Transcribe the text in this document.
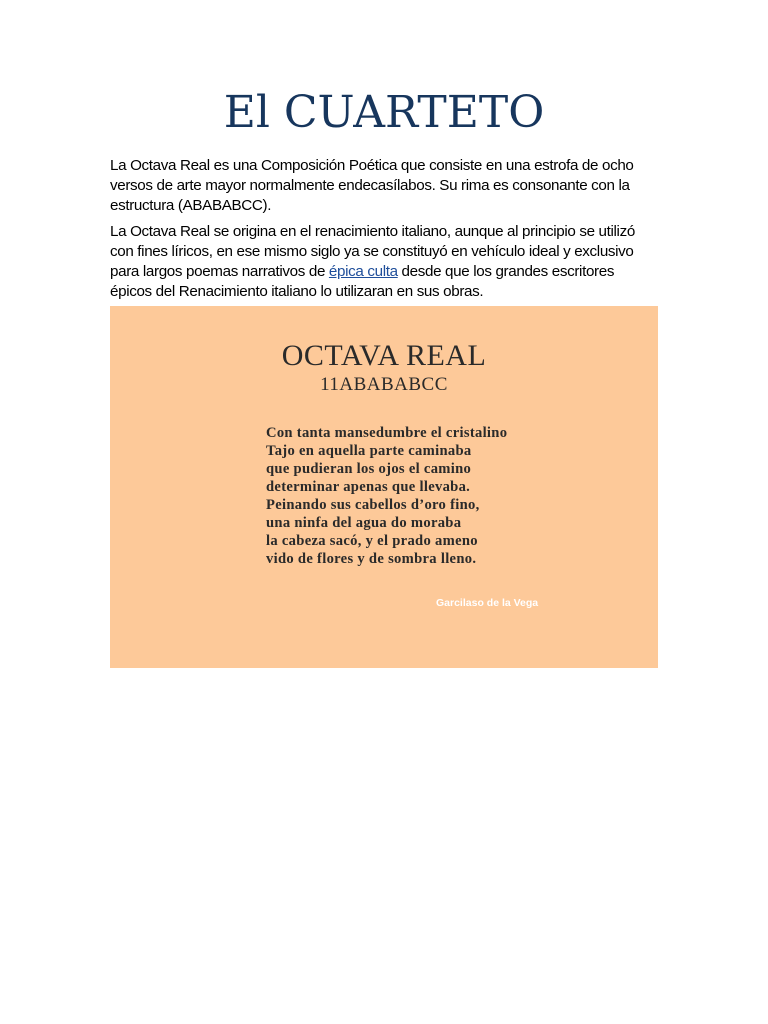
El CUARTETO

La Octava Real es una Composición Poética que consiste en una estrofa de ocho versos de arte mayor normalmente endecasílabos. Su rima es consonante con la estructura (ABABABCC).

La Octava Real se origina en el renacimiento italiano, aunque al principio se utilizó con fines líricos, en ese mismo siglo ya se constituyó en vehículo ideal y exclusivo para largos poemas narrativos de épica culta desde que los grandes escritores épicos del Renacimiento italiano lo utilizaran en sus obras.

OCTAVA REAL
11ABABABCC
Con tanta mansedumbre el cristalino
Tajo en aquella parte caminaba
que pudieran los ojos el camino
determinar apenas que llevaba.
Peinando sus cabellos d’oro fino,
una ninfa del agua do moraba
la cabeza sacó, y el prado ameno
vido de flores y de sombra lleno.
Garcilaso de la Vega
